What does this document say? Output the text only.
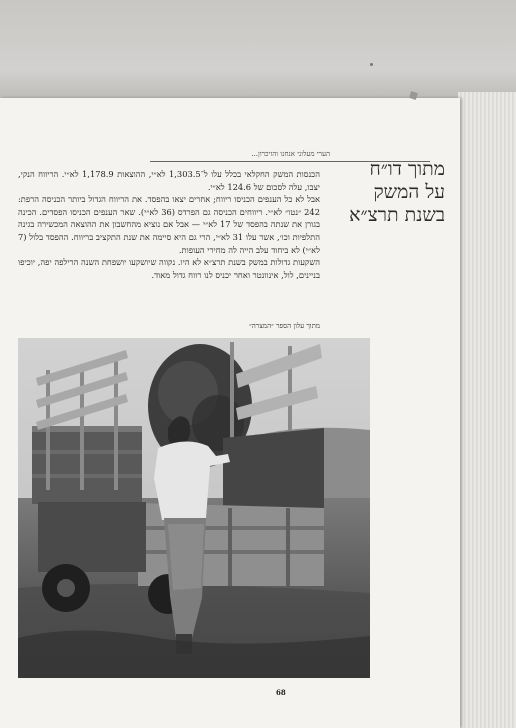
הערי מעלוני אנחנו והזיכרון...
מתוך דו״ח
על המשק
בשנת תרצ״א

הכנסות המשק החקלאי בכלל עלו ל־1,303.5 לא״י, ההוצאות 1,178.9 לא״י. הריווח הנקי, יצבו, עלה לסכום של 124.6 לא״י.

אבל לא כל הענפים הכניסו ריווח; אחרים יצאו בהפסד. את הריווח הגדול ביותר הכניסה הרפת: 242 ״נטו״ לא״י. ריווחים הכניסה גם הפרדס (36 לא״י). שאר הענפים הכניסו הפסדים. הכינה בגורן את שנתה בהפסד של 17 לא״י — אבל אם נוציא מהחשבון את ההוצאה המכשירה בגינה התלפיות וכו׳, אשר עלו 31 לא״י, הרי גם היא סיימה את שנת התקציב בריווח. ההפסד בלול (7 לא״י) לא ביחוד עלב הייה לה מחירי העופות.

השקעות גדולות במשק בשנת תרצ״א לא היו. נקווה שיושקעו יושפחת השנה הרילפה יפה, יוכיפו בניינים, לול, אינוונטר ואחר יכניס לנו רווח גדול מאוד.

מתוך עלון הספר ״המצרה״
68
